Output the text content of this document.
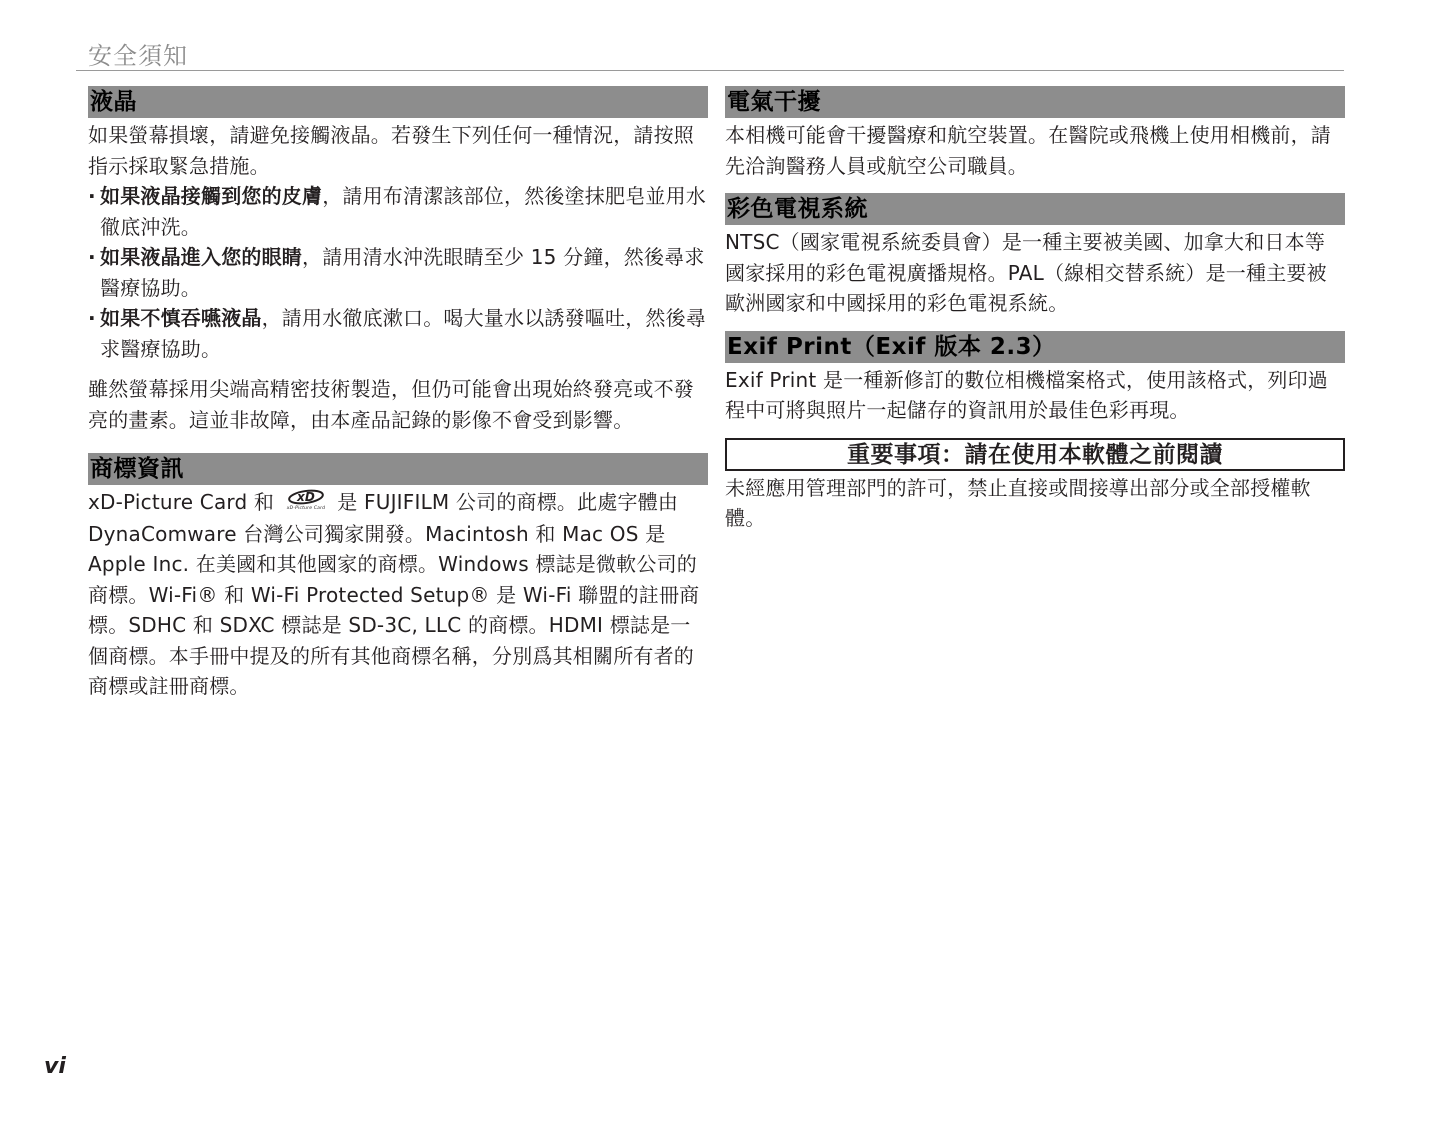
安全須知
液晶

如果螢幕損壞，請避免接觸液晶。若發生下列任何一種情況，請按照指示採取緊急措施。

· 如果液晶接觸到您的皮膚，請用布清潔該部位，然後塗抹肥皂並用水徹底沖洗。
· 如果液晶進入您的眼睛，請用清水沖洗眼睛至少 15 分鐘，然後尋求醫療協助。
· 如果不慎吞嚥液晶，請用水徹底漱口。喝大量水以誘發嘔吐，然後尋求醫療協助。

雖然螢幕採用尖端高精密技術製造，但仍可能會出現始終發亮或不發亮的畫素。這並非故障，由本產品記錄的影像不會受到影響。

商標資訊

xD-Picture Card 和 xD
xD-Picture Card 是 FUJIFILM 公司的商標。此處字體由 DynaComware 台灣公司獨家開發。Macintosh 和 Mac OS 是 Apple Inc. 在美國和其他國家的商標。Windows 標誌是微軟公司的商標。Wi-Fi® 和 Wi-Fi Protected Setup® 是 Wi-Fi 聯盟的註冊商標。SDHC 和 SDXC 標誌是 SD-3C, LLC 的商標。HDMI 標誌是一個商標。本手冊中提及的所有其他商標名稱，分別爲其相關所有者的商標或註冊商標。

電氣干擾

本相機可能會干擾醫療和航空裝置。在醫院或飛機上使用相機前，請先洽詢醫務人員或航空公司職員。

彩色電視系統

NTSC（國家電視系統委員會）是一種主要被美國、加拿大和日本等國家採用的彩色電視廣播規格。PAL（線相交替系統）是一種主要被歐洲國家和中國採用的彩色電視系統。

Exif Print（Exif 版本 2.3）

Exif Print 是一種新修訂的數位相機檔案格式，使用該格式，列印過程中可將與照片一起儲存的資訊用於最佳色彩再現。

重要事項：請在使用本軟體之前閱讀

未經應用管理部門的許可，禁止直接或間接導出部分或全部授權軟體。

vi
